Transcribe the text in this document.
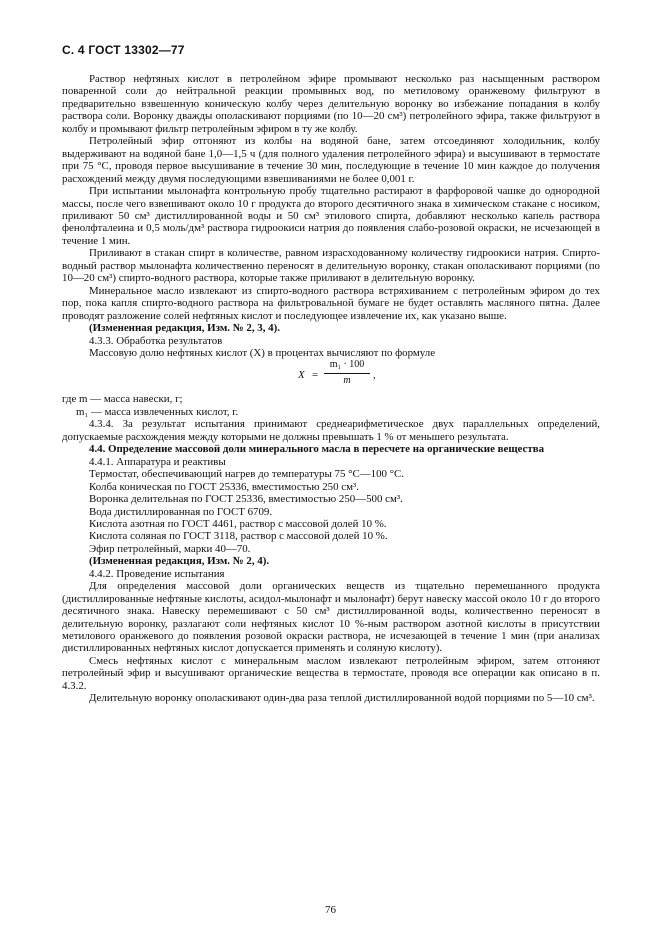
С. 4 ГОСТ 13302—77

Раствор нефтяных кислот в петролейном эфире промывают несколько раз насыщенным раствором поваренной соли до нейтральной реакции промывных вод, по метиловому оранжевому фильтруют в предварительно взвешенную коническую колбу через делительную воронку во избежание попадания в колбу раствора соли. Воронку дважды ополаскивают порциями (по 10—20 см³) петролейного эфира, также фильтруют в колбу и промывают фильтр петролейным эфиром в ту же колбу.

Петролейный эфир отгоняют из колбы на водяной бане, затем отсоединяют холодильник, колбу выдерживают на водяной бане 1,0—1,5 ч (для полного удаления петролейного эфира) и высушивают в термостате при 75 °С, проводя первое высушивание в течение 30 мин, последующие в течение 10 мин каждое до получения расхождений между двумя последующими взвешиваниями не более 0,001 г.

При испытании мылонафта контрольную пробу тщательно растирают в фарфоровой чашке до однородной массы, после чего взвешивают около 10 г продукта до второго десятичного знака в химическом стакане с носиком, приливают 50 см³ дистиллированной воды и 50 см³ этилового спирта, добавляют несколько капель раствора фенолфталеина и 0,5 моль/дм³ раствора гидроокиси натрия до появления слабо-розовой окраски, не исчезающей в течение 1 мин.

Приливают в стакан спирт в количестве, равном израсходованному количеству гидроокиси натрия. Спирто-водный раствор мылонафта количественно переносят в делительную воронку, стакан ополаскивают порциями (по 10—20 см³) спирто-водного раствора, которые также приливают в делительную воронку.

Минеральное масло извлекают из спирто-водного раствора встряхиванием с петролейным эфиром до тех пор, пока капля спирто-водного раствора на фильтровальной бумаге не будет оставлять масляного пятна. Далее проводят разложение солей нефтяных кислот и последующее извлечение их, как указано выше.

(Измененная редакция, Изм. № 2, 3, 4).

4.3.3. Обработка результатов

Массовую долю нефтяных кислот (X) в процентах вычисляют по формуле

$X = \frac{\text{m₁ · 100}}{m}$ ,

где m — масса навески, г;

m₁ — масса извлеченных кислот, г.

4.3.4. За результат испытания принимают среднеарифметическое двух параллельных определений, допускаемые расхождения между которыми не должны превышать 1 % от меньшего результата.

4.4. Определение массовой доли минерального масла в пересчете на органические вещества

4.4.1. Аппаратура и реактивы

Термостат, обеспечивающий нагрев до температуры 75 °С—100 °С.

Колба коническая по ГОСТ 25336, вместимостью 250 см³.

Воронка делительная по ГОСТ 25336, вместимостью 250—500 см³.

Вода дистиллированная по ГОСТ 6709.

Кислота азотная по ГОСТ 4461, раствор с массовой долей 10 %.

Кислота соляная по ГОСТ 3118, раствор с массовой долей 10 %.

Эфир петролейный, марки 40—70.

(Измененная редакция, Изм. № 2, 4).

4.4.2. Проведение испытания

Для определения массовой доли органических веществ из тщательно перемешанного продукта (дистиллированные нефтяные кислоты, асидол-мылонафт и мылонафт) берут навеску массой около 10 г до второго десятичного знака. Навеску перемешивают с 50 см³ дистиллированной воды, количественно переносят в делительную воронку, разлагают соли нефтяных кислот 10 %-ным раствором азотной кислоты в присутствии метилового оранжевого до появления розовой окраски раствора, не исчезающей в течение 1 мин (при анализах дистиллированных нефтяных кислот допускается применять и соляную кислоту).

Смесь нефтяных кислот с минеральным маслом извлекают петролейным эфиром, затем отгоняют петролейный эфир и высушивают органические вещества в термостате, проводя все операции как описано в п. 4.3.2.

Делительную воронку ополаскивают один-два раза теплой дистиллированной водой порциями по 5—10 см³.

76
